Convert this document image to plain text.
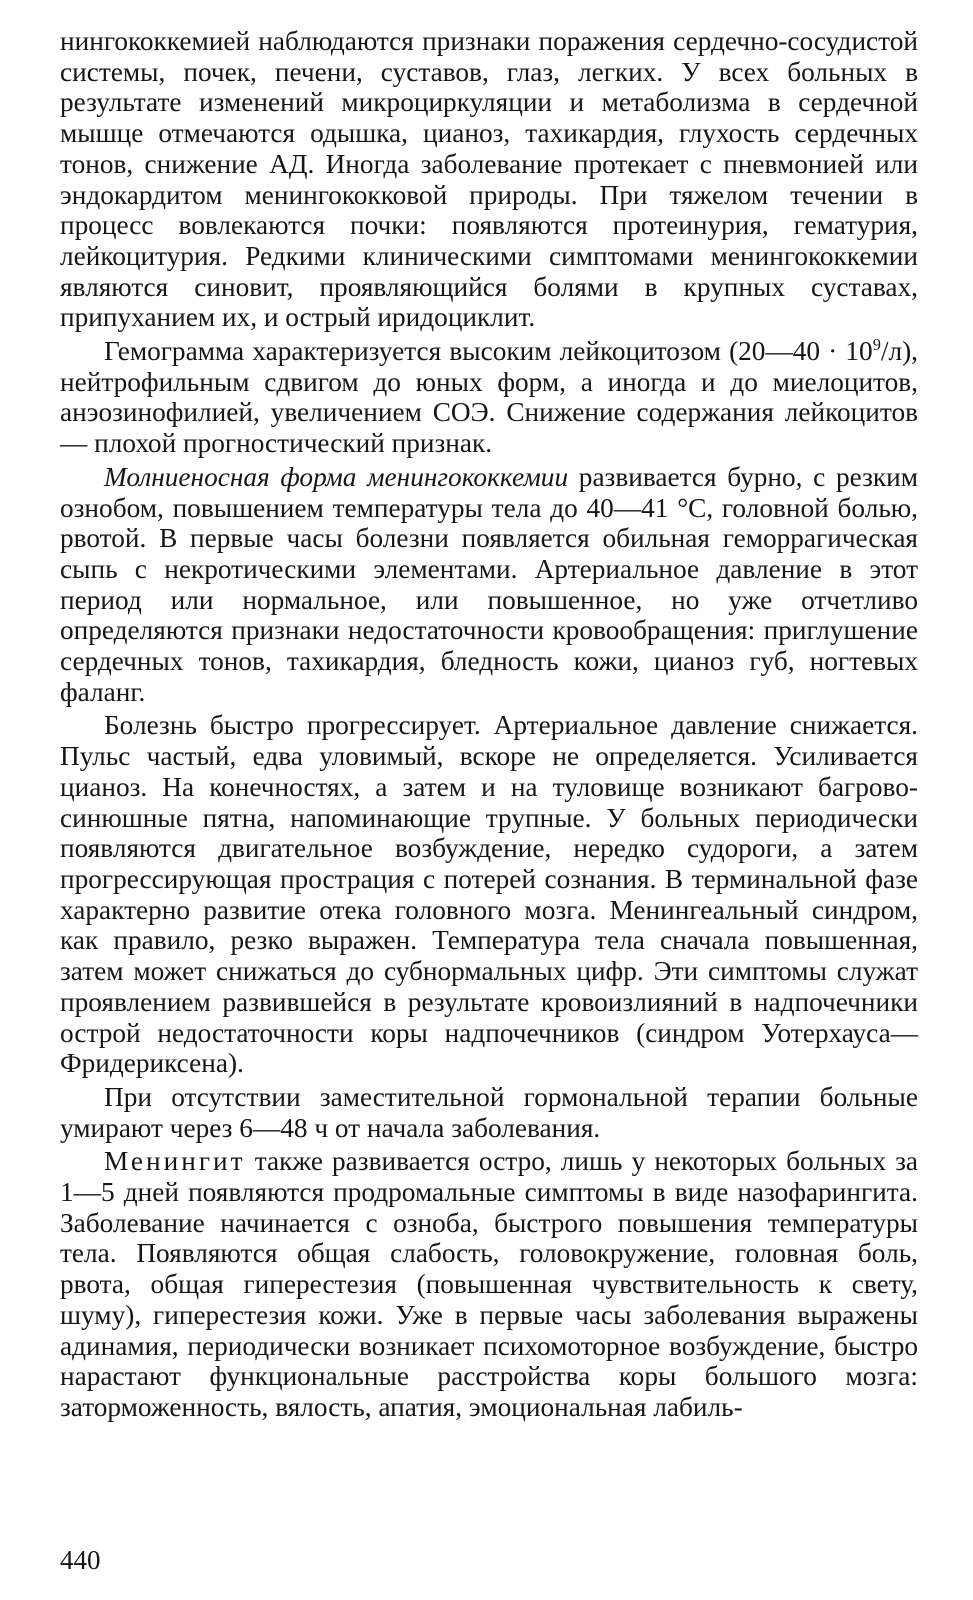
нингококкемией наблюдаются признаки поражения сердечно-сосудистой системы, почек, печени, суставов, глаз, легких. У всех больных в результате изменений микроциркуляции и метаболизма в сердечной мышце отмечаются одышка, цианоз, тахикардия, глухость сердечных тонов, снижение АД. Иногда заболевание протекает с пневмонией или эндокардитом менингококковой природы. При тяжелом течении в процесс вовлекаются почки: появляются протеинурия, гематурия, лейкоцитурия. Редкими клиническими симптомами менингококкемии являются синовит, проявляющийся болями в крупных суставах, припуханием их, и острый иридоциклит.

Гемограмма характеризуется высоким лейкоцитозом (20—40 · $10^9/л$), нейтрофильным сдвигом до юных форм, а иногда и до миелоцитов, анэозинофилией, увеличением СОЭ. Снижение содержания лейкоцитов — плохой прогностический признак.

Молниеносная форма менингококкемии развивается бурно, с резким ознобом, повышением температуры тела до 40—41 °С, головной болью, рвотой. В первые часы болезни появляется обильная геморрагическая сыпь с некротическими элементами. Артериальное давление в этот период или нормальное, или повышенное, но уже отчетливо определяются признаки недостаточности кровообращения: приглушение сердечных тонов, тахикардия, бледность кожи, цианоз губ, ногтевых фаланг.

Болезнь быстро прогрессирует. Артериальное давление снижается. Пульс частый, едва уловимый, вскоре не определяется. Усиливается цианоз. На конечностях, а затем и на туловище возникают багрово-синюшные пятна, напоминающие трупные. У больных периодически появляются двигательное возбуждение, нередко судороги, а затем прогрессирующая прострация с потерей сознания. В терминальной фазе характерно развитие отека головного мозга. Менингеальный синдром, как правило, резко выражен. Температура тела сначала повышенная, затем может снижаться до субнормальных цифр. Эти симптомы служат проявлением развившейся в результате кровоизлияний в надпочечники острой недостаточности коры надпочечников (синдром Уотерхауса—Фридериксена).

При отсутствии заместительной гормональной терапии больные умирают через 6—48 ч от начала заболевания.

Менингит также развивается остро, лишь у некоторых больных за 1—5 дней появляются продромальные симптомы в виде назофарингита. Заболевание начинается с озноба, быстрого повышения температуры тела. Появляются общая слабость, головокружение, головная боль, рвота, общая гиперестезия (повышенная чувствительность к свету, шуму), гиперестезия кожи. Уже в первые часы заболевания выражены адинамия, периодически возникает психомоторное возбуждение, быстро нарастают функциональные расстройства коры большого мозга: заторможенность, вялость, апатия, эмоциональная лабиль-

440
